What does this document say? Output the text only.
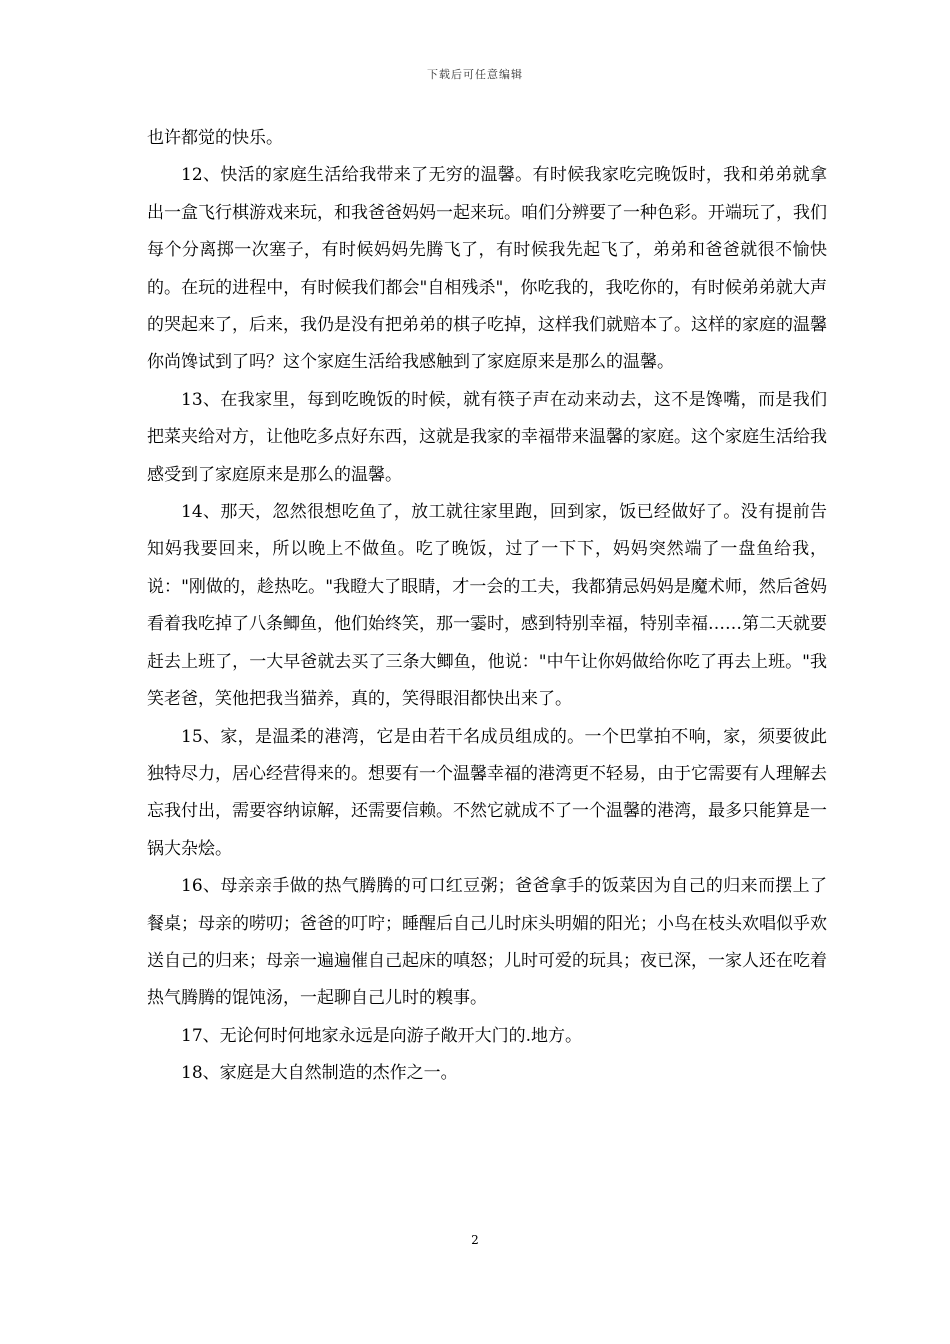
下载后可任意编辑

也许都觉的快乐。

12、快活的家庭生活给我带来了无穷的温馨。有时候我家吃完晚饭时，我和弟弟就拿出一盒飞行棋游戏来玩，和我爸爸妈妈一起来玩。咱们分辨要了一种色彩。开端玩了，我们每个分离掷一次塞子，有时候妈妈先腾飞了，有时候我先起飞了，弟弟和爸爸就很不愉快的。在玩的进程中，有时候我们都会"自相残杀"，你吃我的，我吃你的，有时候弟弟就大声的哭起来了，后来，我仍是没有把弟弟的棋子吃掉，这样我们就赔本了。这样的家庭的温馨你尚馋试到了吗？这个家庭生活给我感触到了家庭原来是那么的温馨。

13、在我家里，每到吃晚饭的时候，就有筷子声在动来动去，这不是馋嘴，而是我们把菜夹给对方，让他吃多点好东西，这就是我家的幸福带来温馨的家庭。这个家庭生活给我感受到了家庭原来是那么的温馨。

14、那天，忽然很想吃鱼了，放工就往家里跑，回到家，饭已经做好了。没有提前告知妈我要回来，所以晚上不做鱼。吃了晚饭，过了一下下，妈妈突然端了一盘鱼给我，说："刚做的，趁热吃。"我瞪大了眼睛，才一会的工夫，我都猜忌妈妈是魔术师，然后爸妈看着我吃掉了八条鲫鱼，他们始终笑，那一霎时，感到特别幸福，特别幸福……第二天就要赶去上班了，一大早爸就去买了三条大鲫鱼，他说："中午让你妈做给你吃了再去上班。"我笑老爸，笑他把我当猫养，真的，笑得眼泪都快出来了。

15、家，是温柔的港湾，它是由若干名成员组成的。一个巴掌拍不响，家，须要彼此独特尽力，居心经营得来的。想要有一个温馨幸福的港湾更不轻易，由于它需要有人理解去忘我付出，需要容纳谅解，还需要信赖。不然它就成不了一个温馨的港湾，最多只能算是一锅大杂烩。

16、母亲亲手做的热气腾腾的可口红豆粥；爸爸拿手的饭菜因为自己的归来而摆上了餐桌；母亲的唠叨；爸爸的叮咛；睡醒后自己儿时床头明媚的阳光；小鸟在枝头欢唱似乎欢送自己的归来；母亲一遍遍催自己起床的嗔怒；儿时可爱的玩具；夜已深，一家人还在吃着热气腾腾的馄饨汤，一起聊自己儿时的糗事。

17、无论何时何地家永远是向游子敞开大门的.地方。

18、家庭是大自然制造的杰作之一。

2
